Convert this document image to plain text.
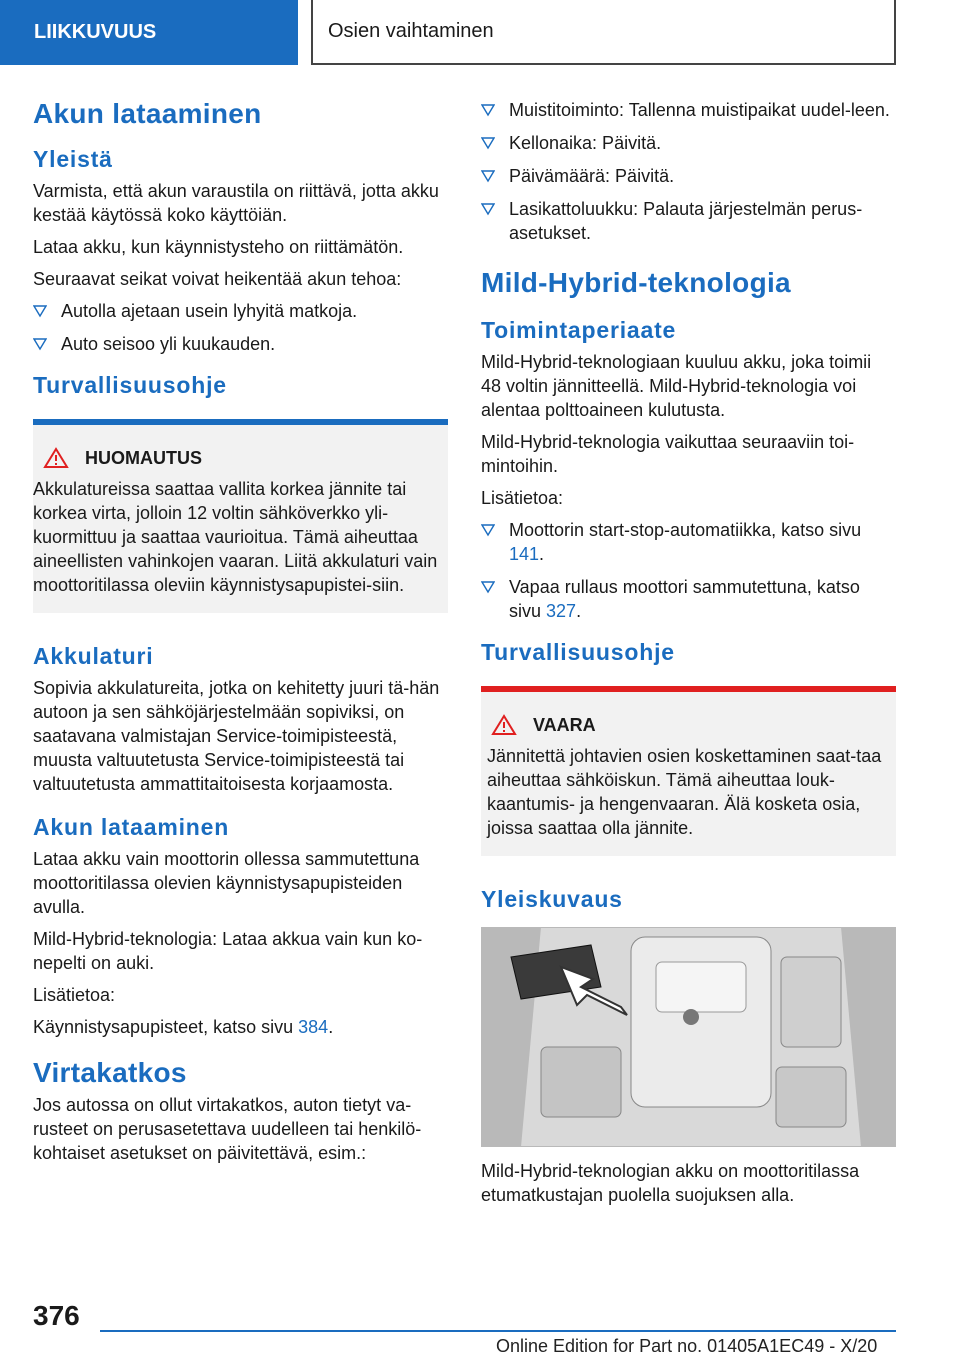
LIIKKUVUUS	Osien vaihtaminen
Akun lataaminen
Yleistä

Varmista, että akun varaustila on riittävä, jotta akku kestää käytössä koko käyttöiän.

Lataa akku, kun käynnistysteho on riittämätön.

Seuraavat seikat voivat heikentää akun tehoa:

Autolla ajetaan usein lyhyitä matkoja.
Auto seisoo yli kuukauden.
Turvallisuusohje
HUOMAUTUS

Akkulatureissa saattaa vallita korkea jännite tai korkea virta, jolloin 12 voltin sähköverkko yli-kuormittuu ja saattaa vaurioitua. Tämä aiheuttaa aineellisten vahinkojen vaaran. Liitä akkulaturi vain moottoritilassa oleviin käynnistysapupistei-siin.

Akkulaturi

Sopivia akkulatureita, jotka on kehitetty juuri tä-hän autoon ja sen sähköjärjestelmään sopiviksi, on saatavana valmistajan Service-toimipisteestä, muusta valtuutetusta Service-toimipisteestä tai valtuutetusta ammattitaitoisesta korjaamosta.

Akun lataaminen

Lataa akku vain moottorin ollessa sammutettuna moottoritilassa olevien käynnistysapupisteiden avulla.

Mild-Hybrid-teknologia: Lataa akkua vain kun ko-nepelti on auki.

Lisätietoa:

Käynnistysapupisteet, katso sivu 384.

Virtakatkos

Jos autossa on ollut virtakatkos, auton tietyt va-rusteet on perusasetettava uudelleen tai henkilö-kohtaiset asetukset on päivitettävä, esim.:

Muistitoiminto: Tallenna muistipaikat uudel-leen.
Kellonaika: Päivitä.
Päivämäärä: Päivitä.
Lasikattoluukku: Palauta järjestelmän perus-asetukset.
Mild-Hybrid-teknologia
Toimintaperiaate

Mild-Hybrid-teknologiaan kuuluu akku, joka toimii 48 voltin jännitteellä. Mild-Hybrid-teknologia voi alentaa polttoaineen kulutusta.

Mild-Hybrid-teknologia vaikuttaa seuraaviin toi-mintoihin.

Lisätietoa:

Moottorin start-stop-automatiikka, katso sivu 141.
Vapaa rullaus moottori sammutettuna, katso sivu 327.
Turvallisuusohje
VAARA

Jännitettä johtavien osien koskettaminen saat-taa aiheuttaa sähköiskun. Tämä aiheuttaa louk-kaantumis- ja hengenvaaran. Älä kosketa osia, joissa saattaa olla jännite.

Yleiskuvaus

Mild-Hybrid-teknologian akku on moottoritilassa etumatkustajan puolella suojuksen alla.

376
Online Edition for Part no. 01405A1EC49 - X/20
